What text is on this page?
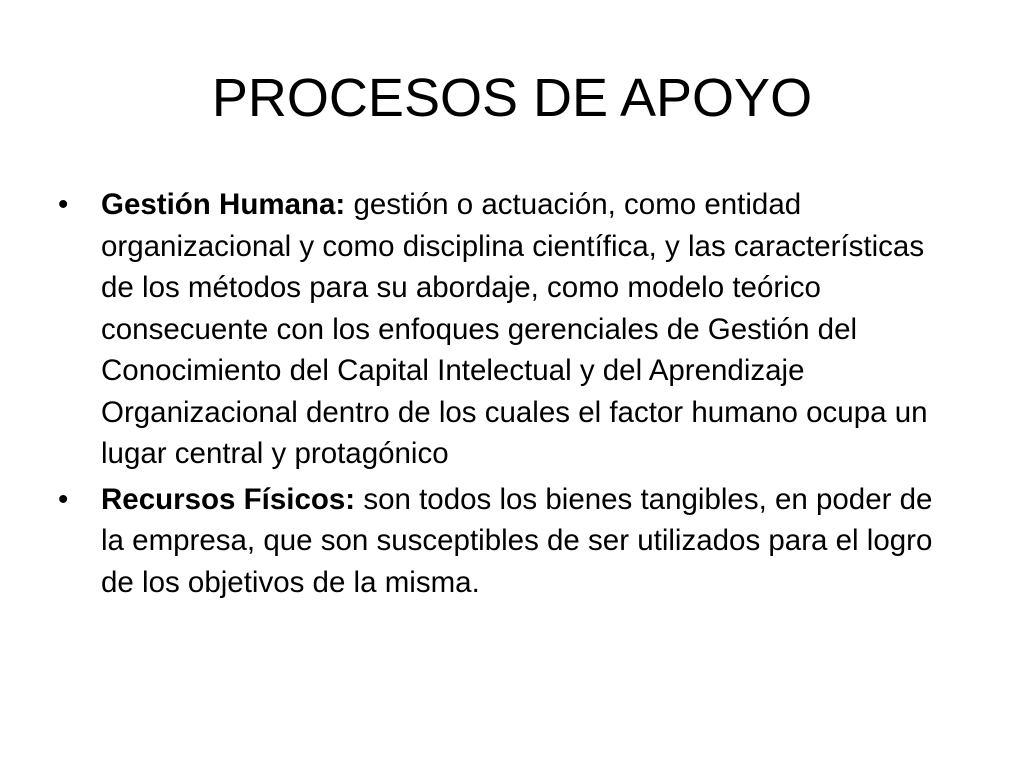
PROCESOS DE APOYO
•	Gestión Humana: gestión o actuación, como entidad organizacional y como disciplina científica, y las características de los métodos para su abordaje, como modelo teórico consecuente con los enfoques gerenciales de Gestión del Conocimiento del Capital Intelectual y del Aprendizaje Organizacional dentro de los cuales el factor humano ocupa un lugar central y protagónico
•	Recursos Físicos: son todos los bienes tangibles, en poder de la empresa, que son susceptibles de ser utilizados para el logro de los objetivos de la misma.
